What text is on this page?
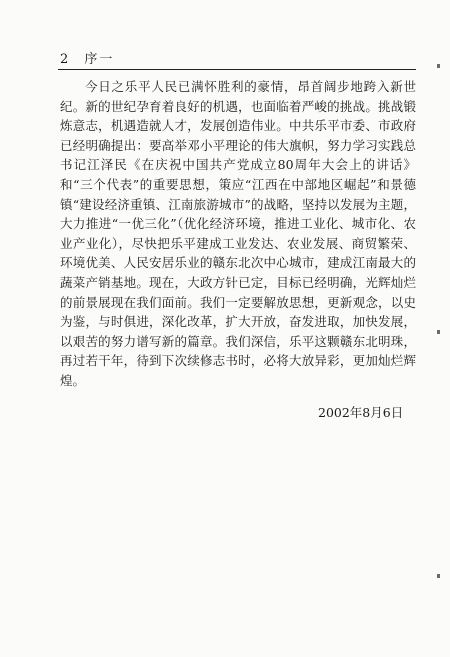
2 序一

今日之乐平人民已满怀胜利的豪情，昂首阔步地跨入新世纪。新的世纪孕育着良好的机遇，也面临着严峻的挑战。挑战锻炼意志，机遇造就人才，发展创造伟业。中共乐平市委、市政府已经明确提出：要高举邓小平理论的伟大旗帜，努力学习实践总书记江泽民《在庆祝中国共产党成立80周年大会上的讲话》和“三个代表”的重要思想，策应“江西在中部地区崛起”和景德镇“建设经济重镇、江南旅游城市”的战略，坚持以发展为主题，大力推进“一优三化”（优化经济环境，推进工业化、城市化、农业产业化），尽快把乐平建成工业发达、农业发展、商贸繁荣、环境优美、人民安居乐业的赣东北次中心城市，建成江南最大的蔬菜产销基地。现在，大政方针已定，目标已经明确，光辉灿烂的前景展现在我们面前。我们一定要解放思想，更新观念，以史为鉴，与时俱进，深化改革，扩大开放，奋发进取，加快发展，以艰苦的努力谱写新的篇章。我们深信，乐平这颗赣东北明珠，再过若干年，待到下次续修志书时，必将大放异彩，更加灿烂辉煌。

2002年8月6日
